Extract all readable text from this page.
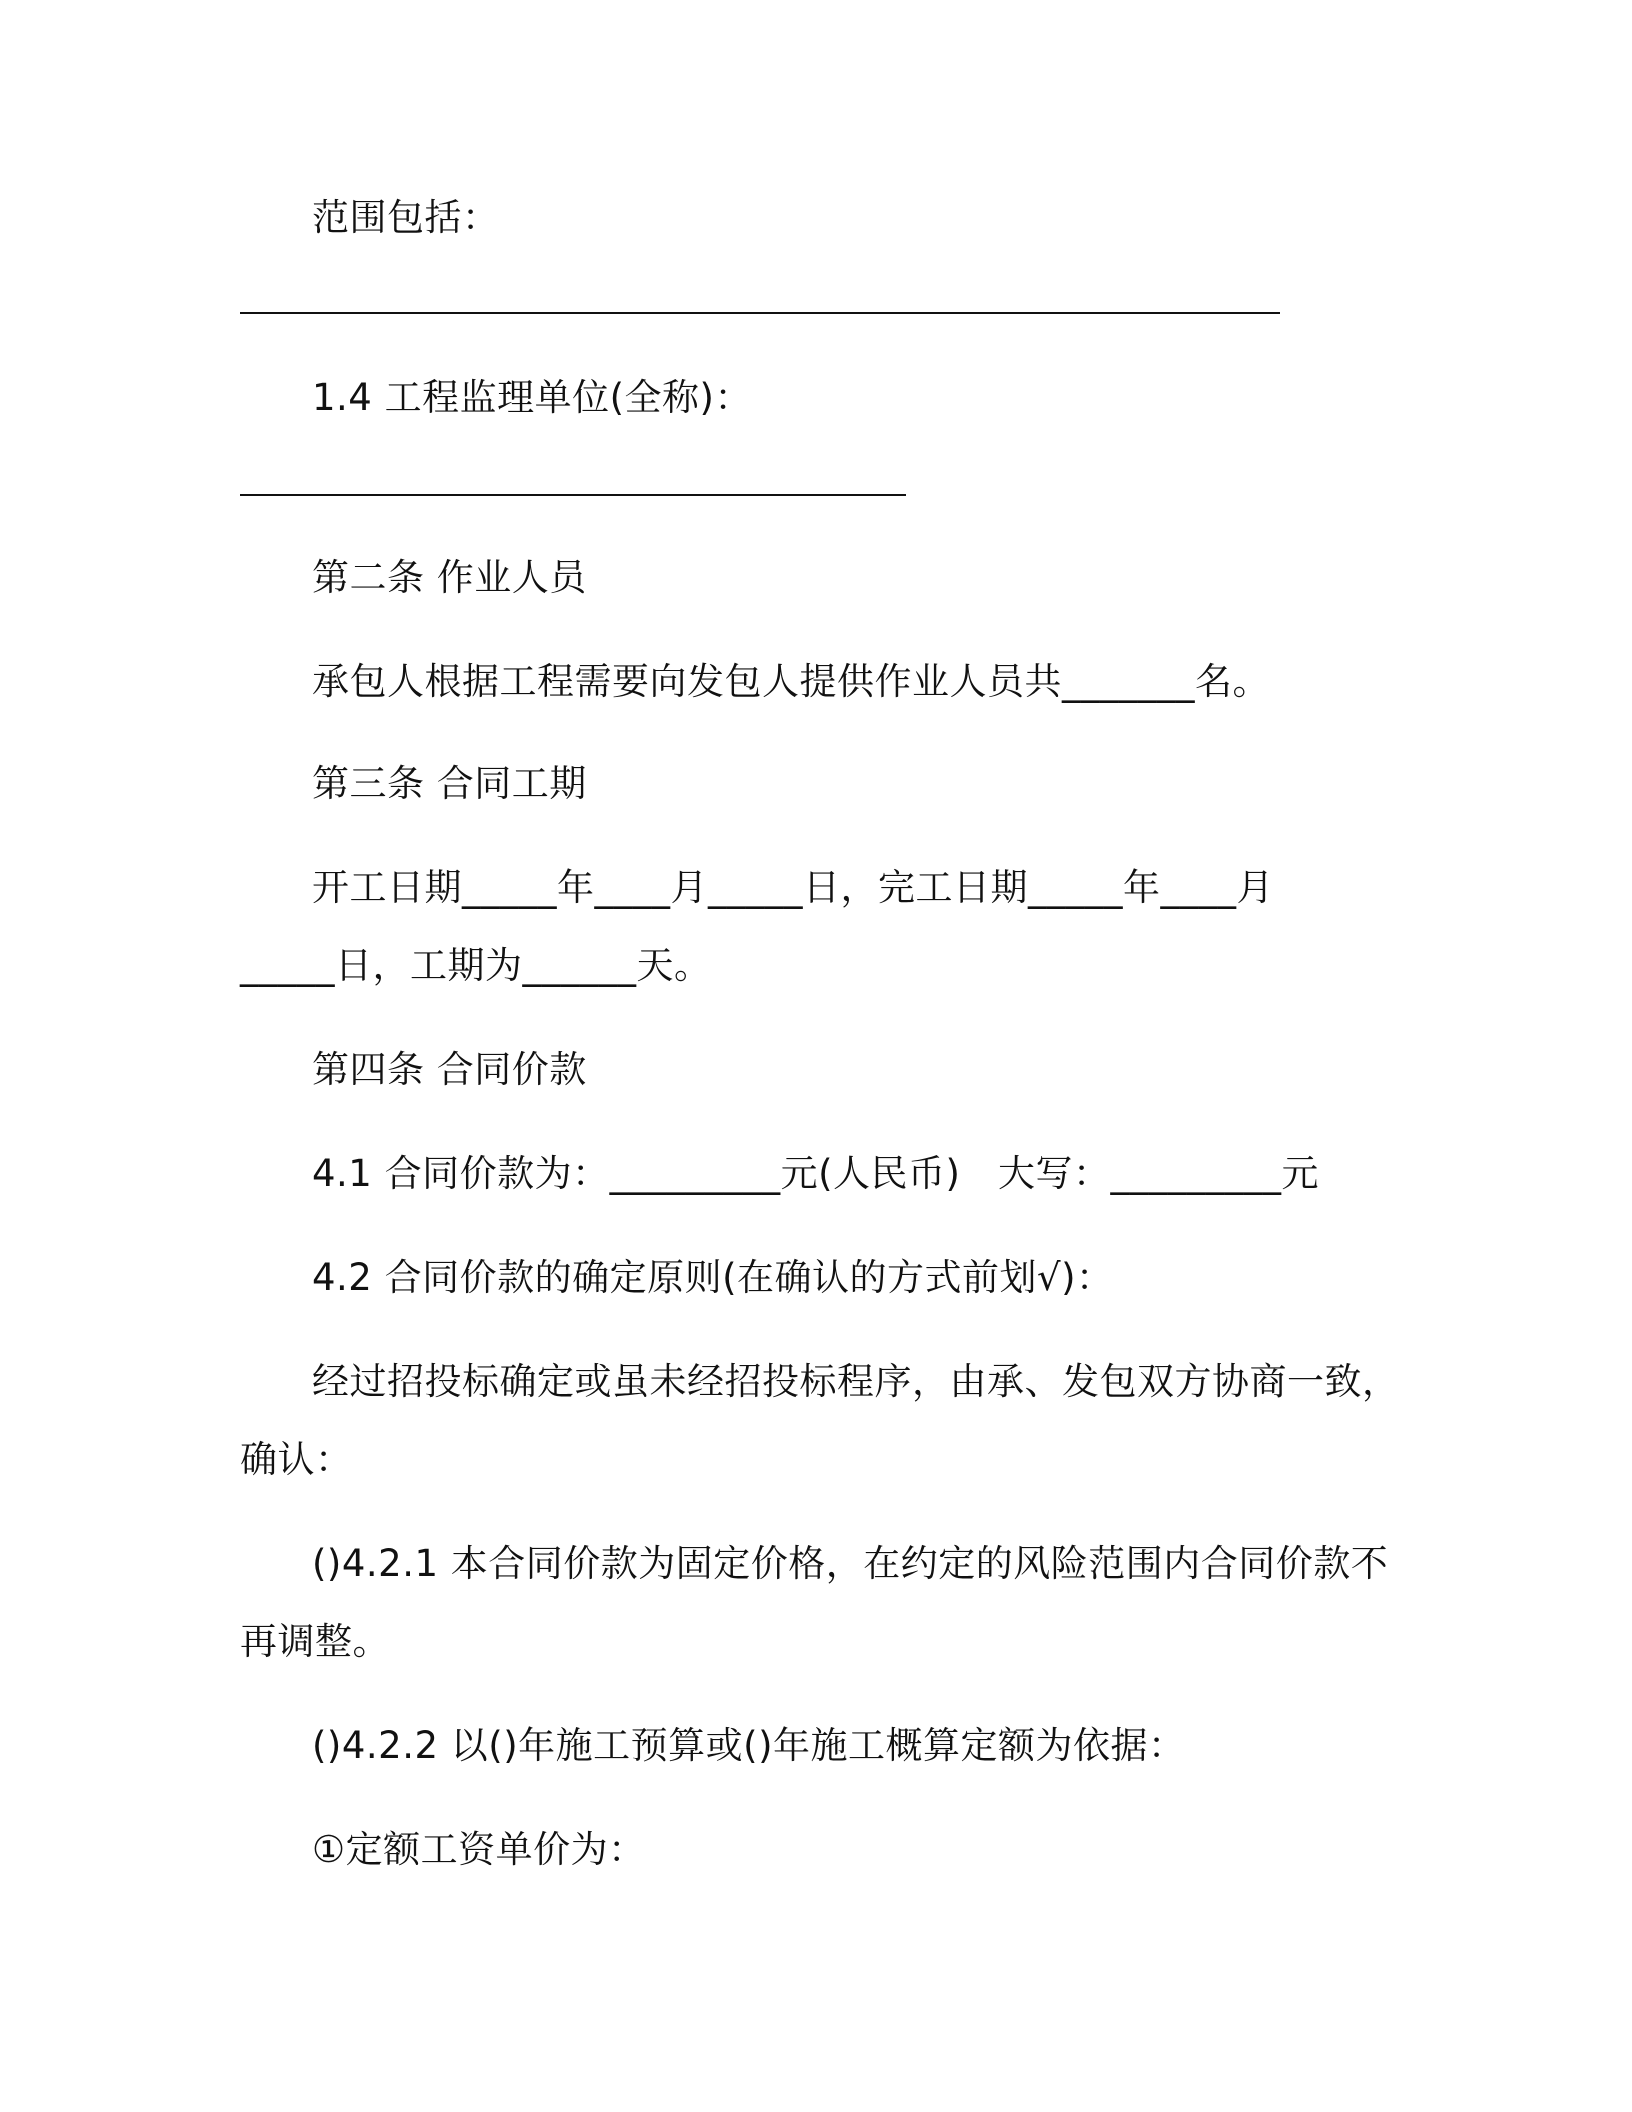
范围包括：
1.4 工程监理单位(全称)：
第二条 作业人员
承包人根据工程需要向发包人提供作业人员共_______名。
第三条 合同工期
开工日期_____年____月_____日，完工日期_____年____月
_____日，工期为______天。
第四条 合同价款
4.1 合同价款为：_________元(人民币)　大写：_________元
4.2 合同价款的确定原则(在确认的方式前划√)：
经过招投标确定或虽未经招投标程序，由承、发包双方协商一致，
确认：
()4.2.1 本合同价款为固定价格，在约定的风险范围内合同价款不
再调整。
()4.2.2 以()年施工预算或()年施工概算定额为依据：
①定额工资单价为：
